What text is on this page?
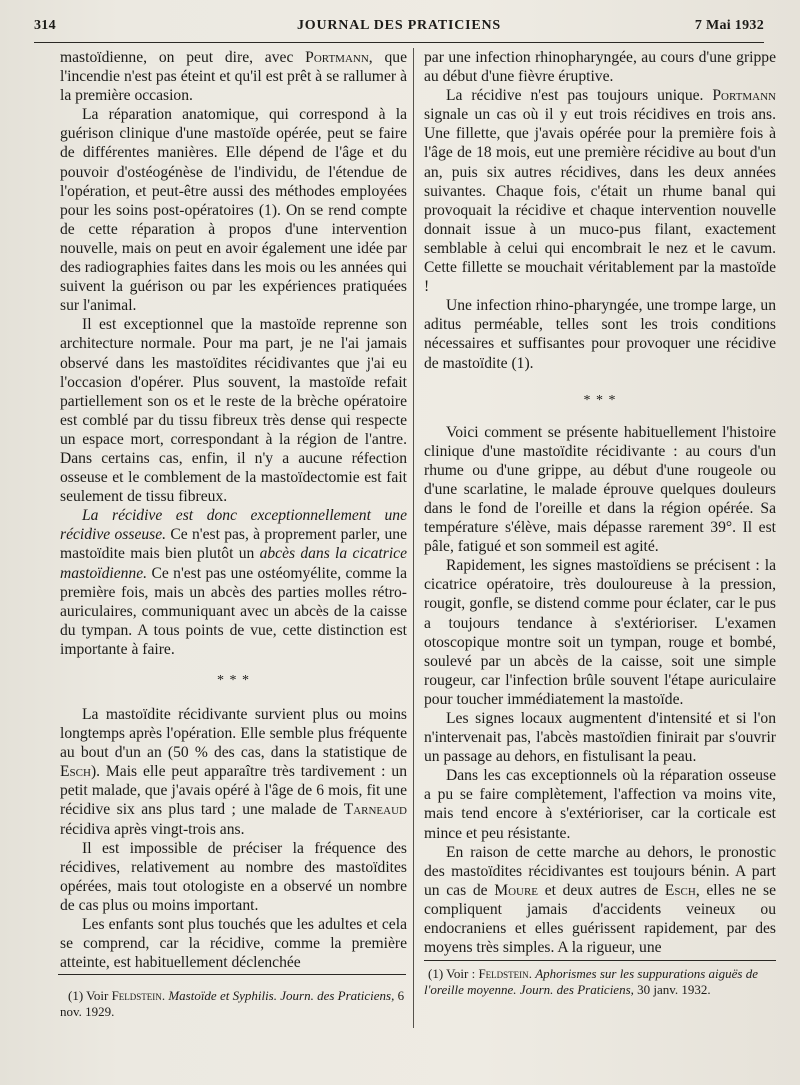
314	JOURNAL DES PRATICIENS	7 Mai 1932

mastoïdienne, on peut dire, avec Portmann, que l'incendie n'est pas éteint et qu'il est prêt à se rallumer à la première occasion.

La réparation anatomique, qui correspond à la guérison clinique d'une mastoïde opérée, peut se faire de différentes manières. Elle dépend de l'âge et du pouvoir d'ostéogénèse de l'individu, de l'étendue de l'opération, et peut-être aussi des méthodes employées pour les soins post-opératoires (1). On se rend compte de cette réparation à propos d'une intervention nouvelle, mais on peut en avoir également une idée par des radiographies faites dans les mois ou les années qui suivent la guérison ou par les expériences pratiquées sur l'animal.

Il est exceptionnel que la mastoïde reprenne son architecture normale. Pour ma part, je ne l'ai jamais observé dans les mastoïdites récidivantes que j'ai eu l'occasion d'opérer. Plus souvent, la mastoïde refait partiellement son os et le reste de la brèche opératoire est comblé par du tissu fibreux très dense qui respecte un espace mort, correspondant à la région de l'antre. Dans certains cas, enfin, il n'y a aucune réfection osseuse et le comblement de la mastoïdectomie est fait seulement de tissu fibreux.

La récidive est donc exceptionnellement une récidive osseuse. Ce n'est pas, à proprement parler, une mastoïdite mais bien plutôt un abcès dans la cicatrice mastoïdienne. Ce n'est pas une ostéomyélite, comme la première fois, mais un abcès des parties molles rétro-auriculaires, communiquant avec un abcès de la caisse du tympan. A tous points de vue, cette distinction est importante à faire.

* * *

La mastoïdite récidivante survient plus ou moins longtemps après l'opération. Elle semble plus fréquente au bout d'un an (50 % des cas, dans la statistique de Esch). Mais elle peut apparaître très tardivement : un petit malade, que j'avais opéré à l'âge de 6 mois, fit une récidive six ans plus tard ; une malade de Tarneaud récidiva après vingt-trois ans.

Il est impossible de préciser la fréquence des récidives, relativement au nombre des mastoïdites opérées, mais tout otologiste en a observé un nombre de cas plus ou moins important.

Les enfants sont plus touchés que les adultes et cela se comprend, car la récidive, comme la première atteinte, est habituellement déclenchée

(1) Voir Feldstein. Mastoïde et Syphilis. Journ. des Praticiens, 6 nov. 1929.

par une infection rhinopharyngée, au cours d'une grippe au début d'une fièvre éruptive.

La récidive n'est pas toujours unique. Portmann signale un cas où il y eut trois récidives en trois ans. Une fillette, que j'avais opérée pour la première fois à l'âge de 18 mois, eut une première récidive au bout d'un an, puis six autres récidives, dans les deux années suivantes. Chaque fois, c'était un rhume banal qui provoquait la récidive et chaque intervention nouvelle donnait issue à un muco-pus filant, exactement semblable à celui qui encombrait le nez et le cavum. Cette fillette se mouchait véritablement par la mastoïde !

Une infection rhino-pharyngée, une trompe large, un aditus perméable, telles sont les trois conditions nécessaires et suffisantes pour provoquer une récidive de mastoïdite (1).

* * *

Voici comment se présente habituellement l'histoire clinique d'une mastoïdite récidivante : au cours d'un rhume ou d'une grippe, au début d'une rougeole ou d'une scarlatine, le malade éprouve quelques douleurs dans le fond de l'oreille et dans la région opérée. Sa température s'élève, mais dépasse rarement 39°. Il est pâle, fatigué et son sommeil est agité.

Rapidement, les signes mastoïdiens se précisent : la cicatrice opératoire, très douloureuse à la pression, rougit, gonfle, se distend comme pour éclater, car le pus a toujours tendance à s'extérioriser. L'examen otoscopique montre soit un tympan, rouge et bombé, soulevé par un abcès de la caisse, soit une simple rougeur, car l'infection brûle souvent l'étape auriculaire pour toucher immédiatement la mastoïde.

Les signes locaux augmentent d'intensité et si l'on n'intervenait pas, l'abcès mastoïdien finirait par s'ouvrir un passage au dehors, en fistulisant la peau.

Dans les cas exceptionnels où la réparation osseuse a pu se faire complètement, l'affection va moins vite, mais tend encore à s'extérioriser, car la corticale est mince et peu résistante.

En raison de cette marche au dehors, le pronostic des mastoïdites récidivantes est toujours bénin. A part un cas de Moure et deux autres de Esch, elles ne se compliquent jamais d'accidents veineux ou endocraniens et elles guérissent rapidement, par des moyens très simples. A la rigueur, une

(1) Voir : Feldstein. Aphorismes sur les suppurations aiguës de l'oreille moyenne. Journ. des Praticiens, 30 janv. 1932.
